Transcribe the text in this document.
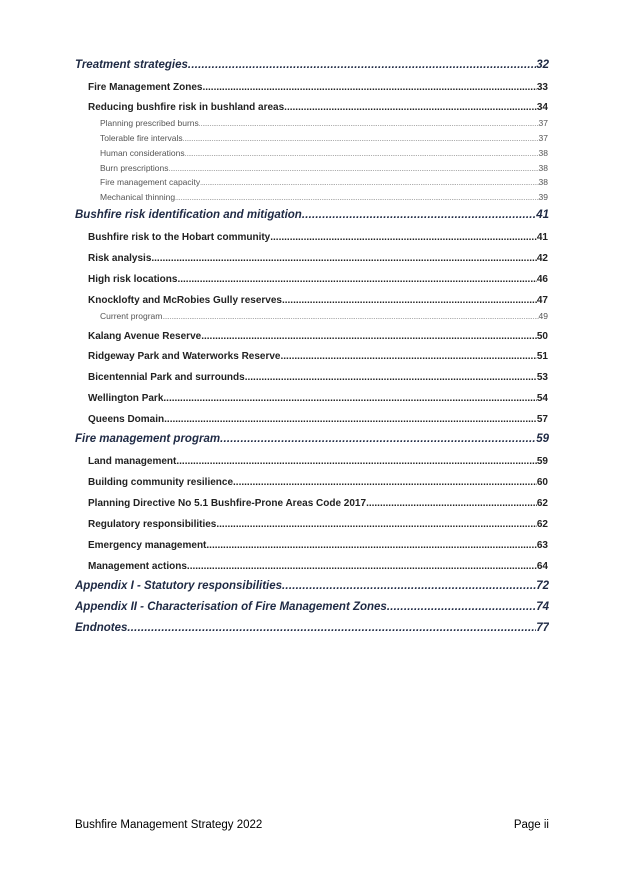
Treatment strategies .....	32
Fire Management Zones .....	33
Reducing bushfire risk in bushland areas .....	34
Planning prescribed burns .....	37
Tolerable fire intervals .....	37
Human considerations .....	38
Burn prescriptions .....	38
Fire management capacity .....	38
Mechanical thinning .....	39
Bushfire risk identification and mitigation .....	41
Bushfire risk to the Hobart community .....	41
Risk analysis .....	42
High risk locations .....	46
Knocklofty and McRobies Gully reserves .....	47
Current program .....	49
Kalang Avenue Reserve .....	50
Ridgeway Park and Waterworks Reserve .....	51
Bicentennial Park and surrounds .....	53
Wellington Park .....	54
Queens Domain .....	57
Fire management program .....	59
Land management .....	59
Building community resilience .....	60
Planning Directive No 5.1 Bushfire-Prone Areas Code 2017 .....	62
Regulatory responsibilities .....	62
Emergency management .....	63
Management actions .....	64
Appendix I - Statutory responsibilities .....	72
Appendix II - Characterisation of Fire Management Zones .....	74
Endnotes .....	77
Bushfire Management Strategy 2022	Page ii
